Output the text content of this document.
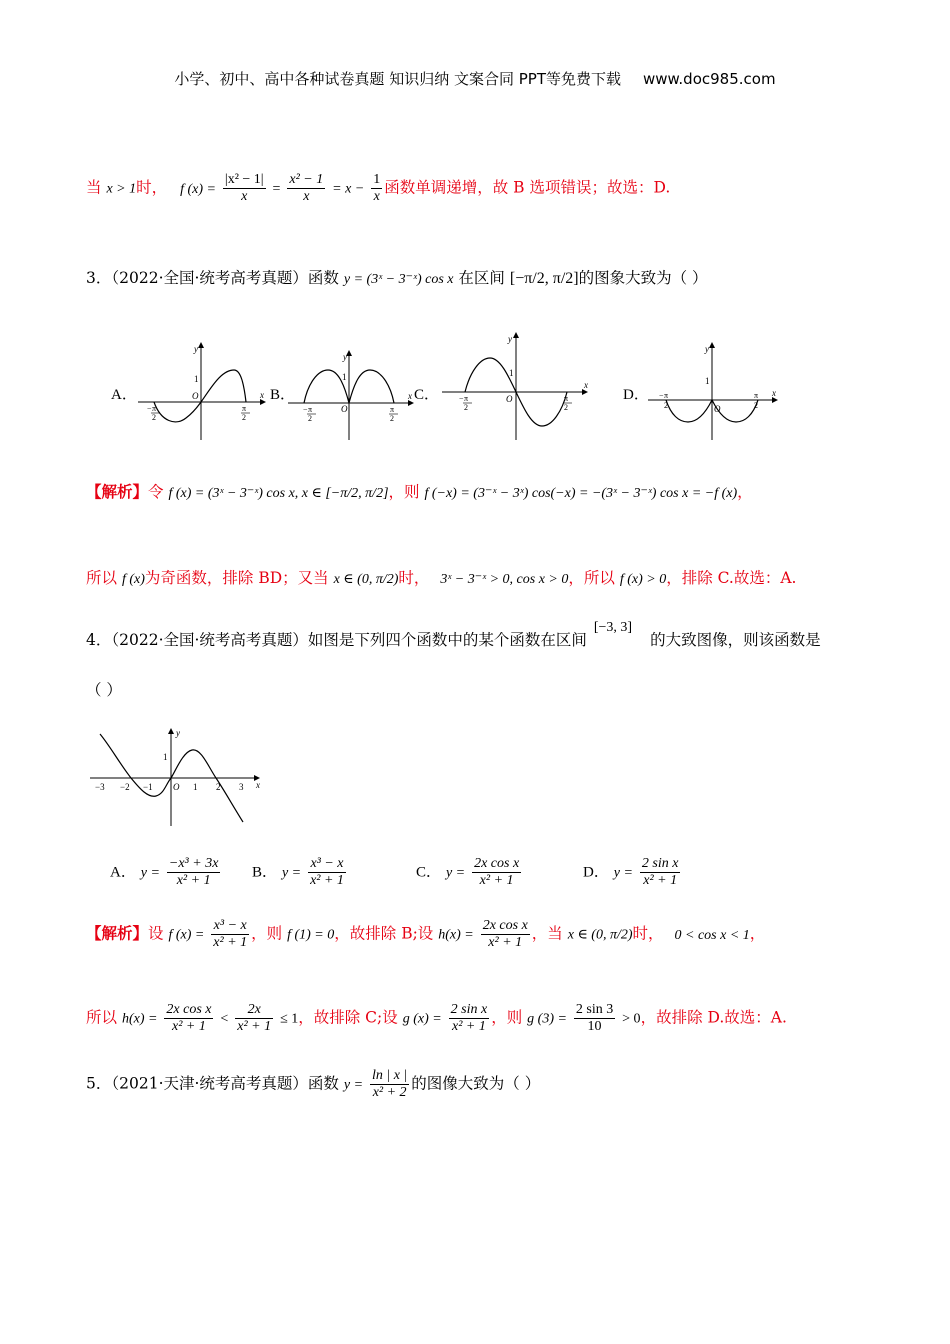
小学、初中、高中各种试卷真题 知识归纳 文案合同 PPT等免费下载 www.doc985.com
当 x > 1时， f $(x) = \frac{\text{|x² − 1|}}{x} = \frac{\text{x² − 1}}{x} = x - \frac{1}{x}$ 函数单调递增，故 B 选项错误；故选：D.
3．（2022·全国·统考高考真题）函数 y = (3ˣ − 3⁻ˣ) cos x 在区间 [−π/2, π/2]的图象大致为（ ）
A．	B．	C．	D．
y
x
O
1
− π
2
π
2
y
x
O
1
− π
2
π
2
y
x
O
1
− π
2
π
2
y
x
O
1
− π
2
π
2
【解析】令 f (x) = (3ˣ − 3⁻ˣ) cos x, x ∈ [−π/2, π/2]，则 f (−x) = (3⁻ˣ − 3ˣ) cos(−x) = −(3ˣ − 3⁻ˣ) cos x = −f (x)，
所以 f (x)为奇函数，排除 BD；又当 x ∈ (0, π/2)时， 3ˣ − 3⁻ˣ > 0, cos x > 0，所以 f (x) > 0，排除 C.故选：A.
4．（2022·全国·统考高考真题）如图是下列四个函数中的某个函数在区间 [−3, 3]的大致图像，则该函数是
（ ）
y
x
O
1
−3 −2 −1	1 2 3
A． $y = \frac{\text{−x³ + 3x}}{\text{x² + 1}}$ B． $y = \frac{\text{x³ − x}}{\text{x² + 1}}$	C． $y = \frac{\text{2x cos x}}{\text{x² + 1}}$	D． $y = \frac{\text{2 sin x}}{\text{x² + 1}}$
【解析】设 f $(x) = \frac{\text{x³ − x}}{\text{x² + 1}}$ ，则 f (1) = 0，故排除 B;设 $h(x) = \frac{\text{2x cos x}}{\text{x² + 1}}$ ，当 x ∈ (0, π/2)时， 0 < cos x < 1，
所以 $h(x) = \frac{\text{2x cos x}}{\text{x² + 1}} < \frac{2x}{\text{x² + 1}} \le 1$，故排除 C;设 g $(x) = \frac{\text{2 sin x}}{\text{x² + 1}}$ ，则 g $(3) = \frac{2 \sin 3}{10} > 0$，故排除 D.故选：A.
5．（2021·天津·统考高考真题）函数 $y = \frac{\ln | x |}{\text{x² + 2}}$ 的图像大致为（ ）
